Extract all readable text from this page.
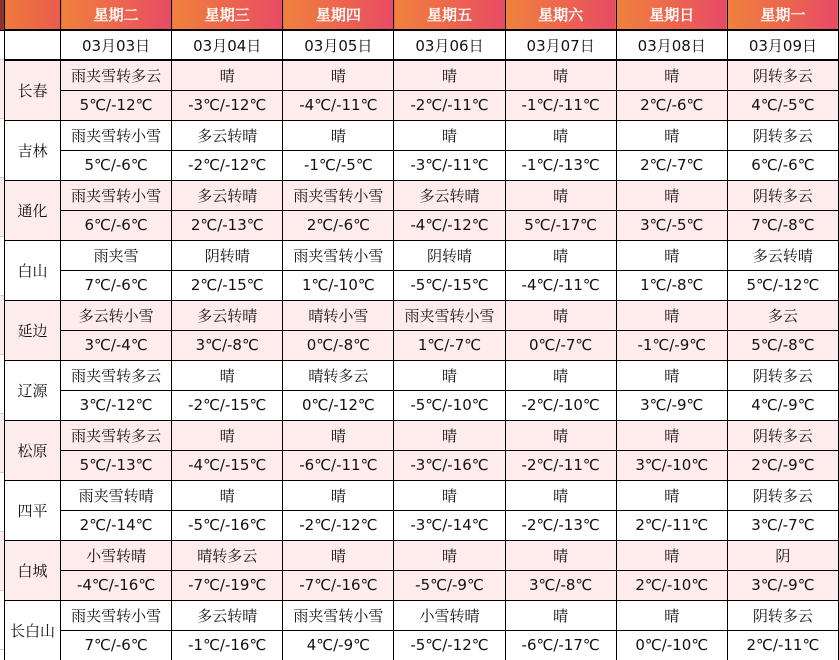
	星期二	星期三	星期四	星期五	星期六	星期日	星期一
	03月03日	03月04日	03月05日	03月06日	03月07日	03月08日	03月09日
长春	雨夹雪转多云	晴	晴	晴	晴	晴	阴转多云
	5℃/-12℃	-3℃/-12℃	-4℃/-11℃	-2℃/-11℃	-1℃/-11℃	2℃/-6℃	4℃/-5℃
吉林	雨夹雪转小雪	多云转晴	晴	晴	晴	晴	阴转多云
	5℃/-6℃	-2℃/-12℃	-1℃/-5℃	-3℃/-11℃	-1℃/-13℃	2℃/-7℃	6℃/-6℃
通化	雨夹雪转小雪	多云转晴	雨夹雪转小雪	多云转晴	晴	晴	阴转多云
	6℃/-6℃	2℃/-13℃	2℃/-6℃	-4℃/-12℃	5℃/-17℃	3℃/-5℃	7℃/-8℃
白山	雨夹雪	阴转晴	雨夹雪转小雪	阴转晴	晴	晴	多云转晴
	7℃/-6℃	2℃/-15℃	1℃/-10℃	-5℃/-15℃	-4℃/-11℃	1℃/-8℃	5℃/-12℃
延边	多云转小雪	多云转晴	晴转小雪	雨夹雪转小雪	晴	晴	多云
	3℃/-4℃	3℃/-8℃	0℃/-8℃	1℃/-7℃	0℃/-7℃	-1℃/-9℃	5℃/-8℃
辽源	雨夹雪转多云	晴	晴转多云	晴	晴	晴	阴转多云
	3℃/-12℃	-2℃/-15℃	0℃/-12℃	-5℃/-10℃	-2℃/-10℃	3℃/-9℃	4℃/-9℃
松原	雨夹雪转多云	晴	晴	晴	晴	晴	阴转多云
	5℃/-13℃	-4℃/-15℃	-6℃/-11℃	-3℃/-16℃	-2℃/-11℃	3℃/-10℃	2℃/-9℃
四平	雨夹雪转晴	晴	晴	晴	晴	晴	阴转多云
	2℃/-14℃	-5℃/-16℃	-2℃/-12℃	-3℃/-14℃	-2℃/-13℃	2℃/-11℃	3℃/-7℃
白城	小雪转晴	晴转多云	晴	晴	晴	晴	阴
	-4℃/-16℃	-7℃/-19℃	-7℃/-16℃	-5℃/-9℃	3℃/-8℃	2℃/-10℃	3℃/-9℃
长白山	雨夹雪转小雪	多云转晴	雨夹雪转小雪	小雪转晴	晴	晴	阴转多云
	7℃/-6℃	-1℃/-16℃	4℃/-9℃	-5℃/-12℃	-6℃/-17℃	0℃/-10℃	2℃/-11℃
